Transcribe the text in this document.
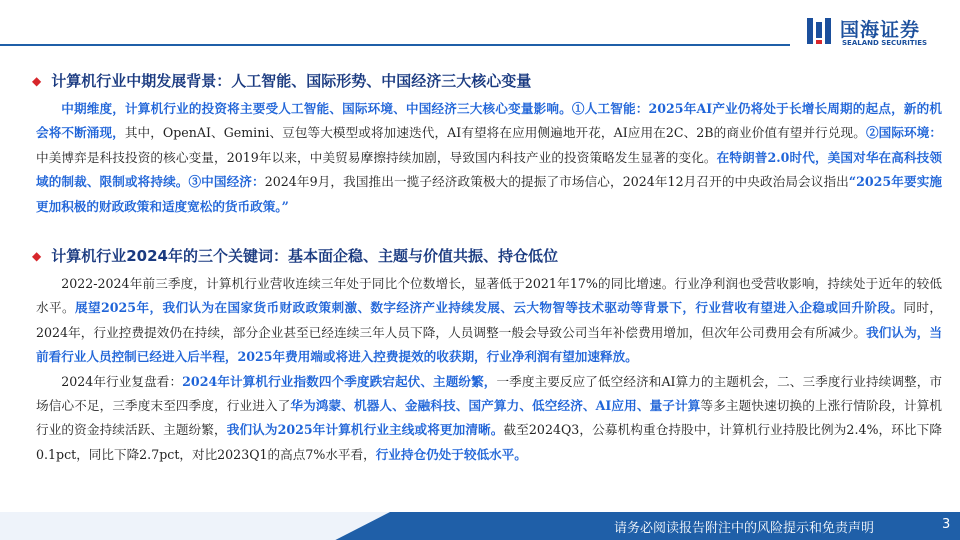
国海证券
SEALAND SECURITIES
◆ 计算机行业中期发展背景：人工智能、国际形势、中国经济三大核心变量

中期维度，计算机行业的投资将主要受人工智能、国际环境、中国经济三大核心变量影响。①人工智能：2025年AI产业仍将处于长增长周期的起点，新的机会将不断涌现，其中，OpenAI、Gemini、豆包等大模型或将加速迭代，AI有望将在应用侧遍地开花，AI应用在2C、2B的商业价值有望并行兑现。②国际环境：中美博弈是科技投资的核心变量，2019年以来，中美贸易摩擦持续加剧，导致国内科技产业的投资策略发生显著的变化。在特朗普2.0时代，美国对华在高科技领域的制裁、限制或将持续。③中国经济：2024年9月，我国推出一揽子经济政策极大的提振了市场信心，2024年12月召开的中央政治局会议指出“2025年要实施更加积极的财政政策和适度宽松的货币政策。”

◆ 计算机行业2024年的三个关键词：基本面企稳、主题与价值共振、持仓低位

2022-2024年前三季度，计算机行业营收连续三年处于同比个位数增长，显著低于2021年17%的同比增速。行业净利润也受营收影响，持续处于近年的较低水平。展望2025年，我们认为在国家货币财政政策刺激、数字经济产业持续发展、云大物智等技术驱动等背景下，行业营收有望进入企稳或回升阶段。同时，2024年，行业控费提效仍在持续，部分企业甚至已经连续三年人员下降，人员调整一般会导致公司当年补偿费用增加，但次年公司费用会有所减少。我们认为，当前看行业人员控制已经进入后半程，2025年费用端或将进入控费提效的收获期，行业净利润有望加速释放。

2024年行业复盘看：2024年计算机行业指数四个季度跌宕起伏、主题纷繁，一季度主要反应了低空经济和AI算力的主题机会，二、三季度行业持续调整，市场信心不足，三季度末至四季度，行业进入了华为鸿蒙、机器人、金融科技、国产算力、低空经济、AI应用、量子计算等多主题快速切换的上涨行情阶段，计算机行业的资金持续活跃、主题纷繁，我们认为2025年计算机行业主线或将更加清晰。截至2024Q3，公募机构重仓持股中，计算机行业持股比例为2.4%，环比下降0.1pct，同比下降2.7pct，对比2023Q1的高点7%水平看，行业持仓仍处于较低水平。

请务必阅读报告附注中的风险提示和免责声明	3
